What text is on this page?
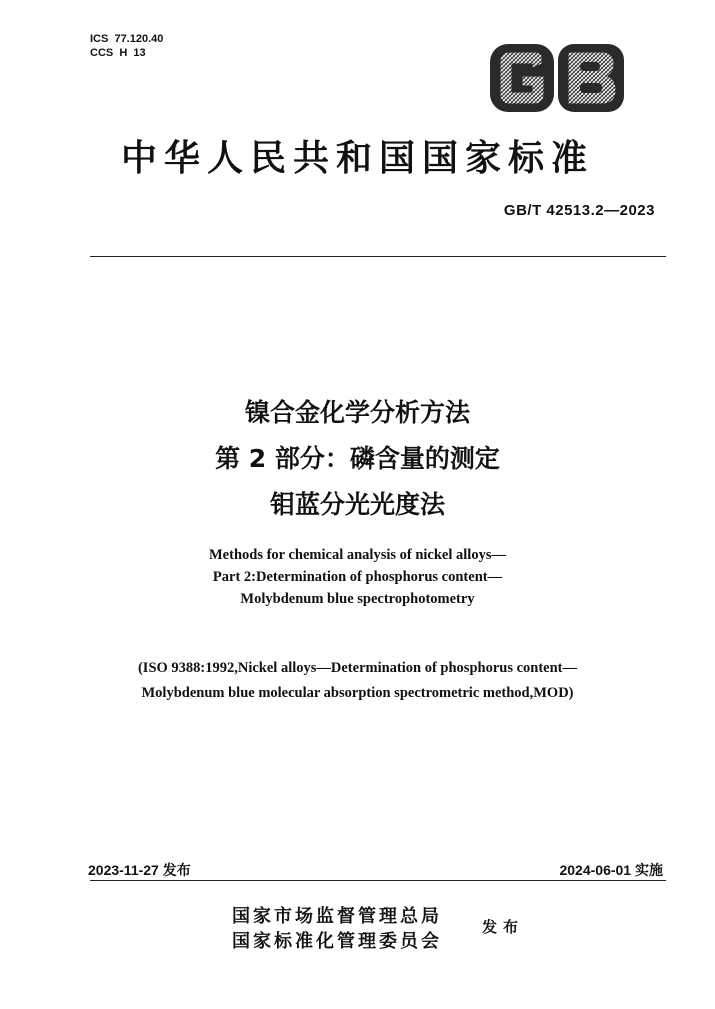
ICS  77.120.40
CCS  H  13
中华人民共和国国家标准
GB/T 42513.2—2023
镍合金化学分析方法
第 2 部分：磷含量的测定
钼蓝分光光度法
Methods for chemical analysis of nickel alloys—
Part 2:Determination of phosphorus content—
Molybdenum blue spectrophotometry
(ISO 9388:1992,Nickel alloys—Determination of phosphorus content—
Molybdenum blue molecular absorption spectrometric method,MOD)
2023-11-27 发布	2024-06-01 实施
国家市场监督管理总局
国家标准化管理委员会
发布
